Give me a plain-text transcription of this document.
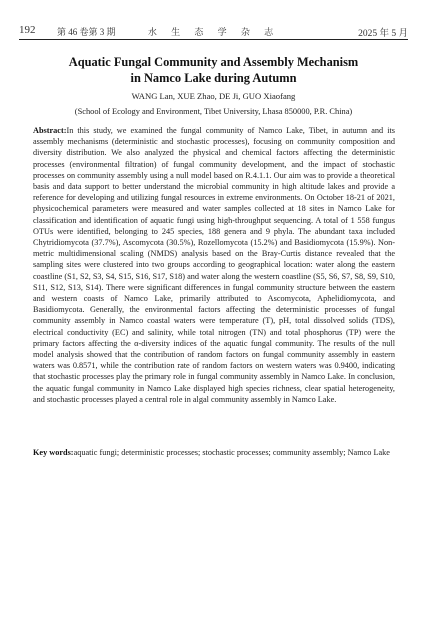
192 第 46 卷第 3 期	水 生 态 学 杂 志	2025 年 5 月
Aquatic Fungal Community and Assembly Mechanism
in Namco Lake during Autumn
WANG Lan, XUE Zhao, DE Ji, GUO Xiaofang
(School of Ecology and Environment, Tibet University, Lhasa 850000, P.R. China)
Abstract:In this study, we examined the fungal community of Namco Lake, Tibet, in autumn and its assembly mechanisms (deterministic and stochastic processes), focusing on community composition and diversity distribution. We also analyzed the physical and chemical factors affecting the deterministic processes (environmental filtration) of fungal community development, and the impact of stochastic processes on community assembly using a null model based on R.4.1.1. Our aim was to provide a theoretical basis and data support to better understand the microbial community in high altitude lakes and provide a reference for developing and utilizing fungal resources in extreme environments. On October 18-21 of 2021, physicochemical parameters were measured and water samples collected at 18 sites in Namco Lake for classification and identification of aquatic fungi using high-throughput sequencing. A total of 1 558 fungus OTUs were identified, belonging to 245 species, 188 genera and 9 phyla. The abundant taxa included Chytridiomycota (37.7%), Ascomycota (30.5%), Rozellomycota (15.2%) and Basidiomycota (15.9%). Non-metric multidimensional scaling (NMDS) analysis based on the Bray-Curtis distance revealed that the sampling sites were clustered into two groups according to geographical location: water along the eastern coastline (S1, S2, S3, S4, S15, S16, S17, S18) and water along the western coastline (S5, S6, S7, S8, S9, S10, S11, S12, S13, S14). There were significant differences in fungal community structure between the eastern and western coasts of Namco Lake, primarily attributed to Ascomycota, Aphelidiomycota, and Basidiomycota. Generally, the environmental factors affecting the deterministic processes of fungal community assembly in Namco coastal waters were temperature (T), pH, total dissolved solids (TDS), electrical conductivity (EC) and salinity, while total nitrogen (TN) and total phosphorus (TP) were the primary factors affecting the α-diversity indices of the aquatic fungal community. The results of the null model analysis showed that the contribution of random factors on fungal community assembly in eastern waters was 0.8571, while the contribution rate of random factors on western waters was 0.9400, indicating that stochastic processes play the primary role in fungal community assembly in Namco Lake. In conclusion, the aquatic fungal community in Namco Lake displayed high species richness, clear spatial heterogeneity, and stochastic processes played a central role in algal community assembly in Namco Lake.
Key words:aquatic fungi; deterministic processes; stochastic processes; community assembly; Namco Lake
